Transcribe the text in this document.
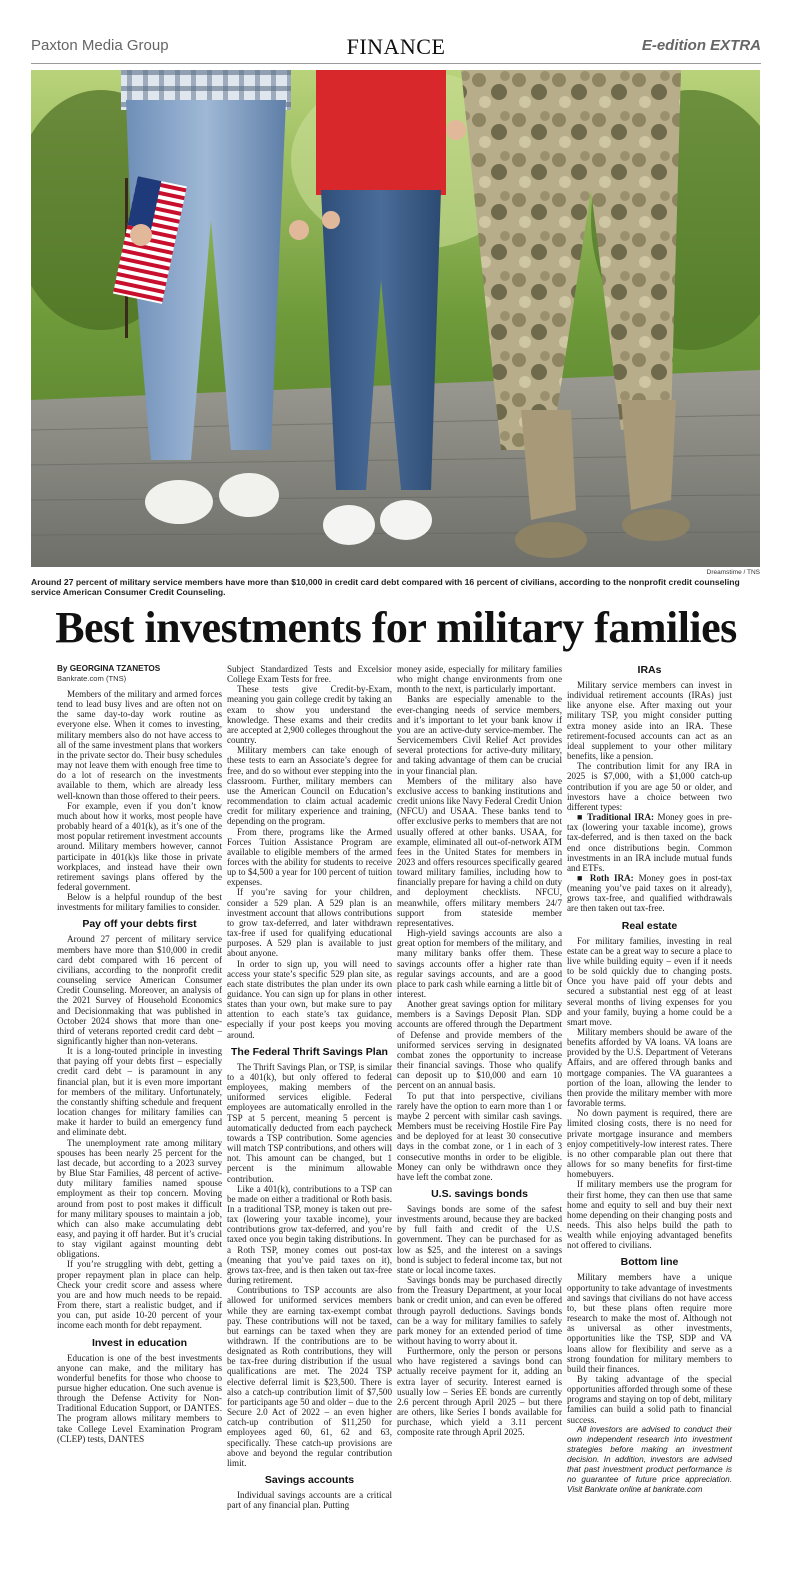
Paxton Media Group	FINANCE	E-edition EXTRA
Dreamstime / TNS
Around 27 percent of military service members have more than $10,000 in credit card debt compared with 16 percent of civilians, according to the nonprofit credit counseling service American Consumer Credit Counseling.
Best investments for military families

By GEORGINA TZANETOS

Bankrate.com (TNS)

Members of the military and armed forces tend to lead busy lives and are often not on the same day-to-day work routine as everyone else. When it comes to investing, military members also do not have access to all of the same investment plans that workers in the private sector do. Their busy schedules may not leave them with enough free time to do a lot of research on the investments available to them, which are already less well-known than those offered to their peers.

For example, even if you don’t know much about how it works, most people have probably heard of a 401(k), as it’s one of the most popular retirement investment accounts around. Military members however, cannot participate in 401(k)s like those in private workplaces, and instead have their own retirement savings plans offered by the federal government.

Below is a helpful roundup of the best investments for military families to consider.

Pay off your debts first

Around 27 percent of military service members have more than $10,000 in credit card debt compared with 16 percent of civilians, according to the nonprofit credit counseling service American Consumer Credit Counseling. Moreover, an analysis of the 2021 Survey of Household Economics and Decisionmaking that was published in October 2024 shows that more than one-third of veterans reported credit card debt – significantly higher than non-veterans.

It is a long-touted principle in investing that paying off your debts first – especially credit card debt – is paramount in any financial plan, but it is even more important for members of the military. Unfortunately, the constantly shifting schedule and frequent location changes for military families can make it harder to build an emergency fund and eliminate debt.

The unemployment rate among military spouses has been nearly 25 percent for the last decade, but according to a 2023 survey by Blue Star Families, 48 percent of active-duty military families named spouse employment as their top concern. Moving around from post to post makes it difficult for many military spouses to maintain a job, which can also make accumulating debt easy, and paying it off harder. But it’s crucial to stay vigilant against mounting debt obligations.

If you’re struggling with debt, getting a proper repayment plan in place can help. Check your credit score and assess where you are and how much needs to be repaid. From there, start a realistic budget, and if you can, put aside 10-20 percent of your income each month for debt repayment.

Invest in education

Education is one of the best investments anyone can make, and the military has wonderful benefits for those who choose to pursue higher education. One such avenue is through the Defense Activity for Non-Traditional Education Support, or DANTES. The program allows military members to take College Level Examination Program (CLEP) tests, DANTES

Subject Standardized Tests and Excelsior College Exam Tests for free.

These tests give Credit-by-Exam, meaning you gain college credit by taking an exam to show you understand the knowledge. These exams and their credits are accepted at 2,900 colleges throughout the country.

Military members can take enough of these tests to earn an Associate’s degree for free, and do so without ever stepping into the classroom. Further, military members can use the American Council on Education’s recommendation to claim actual academic credit for military experience and training, depending on the program.

From there, programs like the Armed Forces Tuition Assistance Program are available to eligible members of the armed forces with the ability for students to receive up to $4,500 a year for 100 percent of tuition expenses.

If you’re saving for your children, consider a 529 plan. A 529 plan is an investment account that allows contributions to grow tax-deferred, and later withdrawn tax-free if used for qualifying educational purposes. A 529 plan is available to just about anyone.

In order to sign up, you will need to access your state’s specific 529 plan site, as each state distributes the plan under its own guidance. You can sign up for plans in other states than your own, but make sure to pay attention to each state’s tax guidance, especially if your post keeps you moving around.

The Federal Thrift Savings Plan

The Thrift Savings Plan, or TSP, is similar to a 401(k), but only offered to federal employees, making members of the uniformed services eligible. Federal employees are automatically enrolled in the TSP at 5 percent, meaning 5 percent is automatically deducted from each paycheck towards a TSP contribution. Some agencies will match TSP contributions, and others will not. This amount can be changed, but 1 percent is the minimum allowable contribution.

Like a 401(k), contributions to a TSP can be made on either a traditional or Roth basis. In a traditional TSP, money is taken out pre-tax (lowering your taxable income), your contributions grow tax-deferred, and you’re taxed once you begin taking distributions. In a Roth TSP, money comes out post-tax (meaning that you’ve paid taxes on it), grows tax-free, and is then taken out tax-free during retirement.

Contributions to TSP accounts are also allowed for uniformed services members while they are earning tax-exempt combat pay. These contributions will not be taxed, but earnings can be taxed when they are withdrawn. If the contributions are to be designated as Roth contributions, they will be tax-free during distribution if the usual qualifications are met. The 2024 TSP elective deferral limit is $23,500. There is also a catch-up contribution limit of $7,500 for participants age 50 and older – due to the Secure 2.0 Act of 2022 – an even higher catch-up contribution of $11,250 for employees aged 60, 61, 62 and 63, specifically. These catch-up provisions are above and beyond the regular contribution limit.

Savings accounts

Individual savings accounts are a critical part of any financial plan. Putting

money aside, especially for military families who might change environments from one month to the next, is particularly important.

Banks are especially amenable to the ever-changing needs of service members, and it’s important to let your bank know if you are an active-duty service-member. The Servicemembers Civil Relief Act provides several protections for active-duty military, and taking advantage of them can be crucial in your financial plan.

Members of the military also have exclusive access to banking institutions and credit unions like Navy Federal Credit Union (NFCU) and USAA. These banks tend to offer exclusive perks to members that are not usually offered at other banks. USAA, for example, eliminated all out-of-network ATM fees in the United States for members in 2023 and offers resources specifically geared toward military families, including how to financially prepare for having a child on duty and deployment checklists. NFCU, meanwhile, offers military members 24/7 support from stateside member representatives.

High-yield savings accounts are also a great option for members of the military, and many military banks offer them. These savings accounts offer a higher rate than regular savings accounts, and are a good place to park cash while earning a little bit of interest.

Another great savings option for military members is a Savings Deposit Plan. SDP accounts are offered through the Department of Defense and provide members of the uniformed services serving in designated combat zones the opportunity to increase their financial savings. Those who qualify can deposit up to $10,000 and earn 10 percent on an annual basis.

To put that into perspective, civilians rarely have the option to earn more than 1 or maybe 2 percent with similar cash savings. Members must be receiving Hostile Fire Pay and be deployed for at least 30 consecutive days in the combat zone, or 1 in each of 3 consecutive months in order to be eligible. Money can only be withdrawn once they have left the combat zone.

U.S. savings bonds

Savings bonds are some of the safest investments around, because they are backed by full faith and credit of the U.S. government. They can be purchased for as low as $25, and the interest on a savings bond is subject to federal income tax, but not state or local income taxes.

Savings bonds may be purchased directly from the Treasury Department, at your local bank or credit union, and can even be offered through payroll deductions. Savings bonds can be a way for military families to safely park money for an extended period of time without having to worry about it.

Furthermore, only the person or persons who have registered a savings bond can actually receive payment for it, adding an extra layer of security. Interest earned is usually low – Series EE bonds are currently 2.6 percent through April 2025 – but there are others, like Series I bonds available for purchase, which yield a 3.11 percent composite rate through April 2025.

IRAs

Military service members can invest in individual retirement accounts (IRAs) just like anyone else. After maxing out your military TSP, you might consider putting extra money aside into an IRA. These retirement-focused accounts can act as an ideal supplement to your other military benefits, like a pension.

The contribution limit for any IRA in 2025 is $7,000, with a $1,000 catch-up contribution if you are age 50 or older, and investors have a choice between two different types:

■ Traditional IRA: Money goes in pre-tax (lowering your taxable income), grows tax-deferred, and is then taxed on the back end once distributions begin. Common investments in an IRA include mutual funds and ETFs.

■ Roth IRA: Money goes in post-tax (meaning you’ve paid taxes on it already), grows tax-free, and qualified withdrawals are then taken out tax-free.

Real estate

For military families, investing in real estate can be a great way to secure a place to live while building equity – even if it needs to be sold quickly due to changing posts. Once you have paid off your debts and secured a substantial nest egg of at least several months of living expenses for you and your family, buying a home could be a smart move.

Military members should be aware of the benefits afforded by VA loans. VA loans are provided by the U.S. Department of Veterans Affairs, and are offered through banks and mortgage companies. The VA guarantees a portion of the loan, allowing the lender to then provide the military member with more favorable terms.

No down payment is required, there are limited closing costs, there is no need for private mortgage insurance and members enjoy competitively-low interest rates. There is no other comparable plan out there that allows for so many benefits for first-time homebuyers.

If military members use the program for their first home, they can then use that same home and equity to sell and buy their next home depending on their changing posts and needs. This also helps build the path to wealth while enjoying advantaged benefits not offered to civilians.

Bottom line

Military members have a unique opportunity to take advantage of investments and savings that civilians do not have access to, but these plans often require more research to make the most of. Although not as universal as other investments, opportunities like the TSP, SDP and VA loans allow for flexibility and serve as a strong foundation for military members to build their finances.

By taking advantage of the special opportunities afforded through some of these programs and staying on top of debt, military families can build a solid path to financial success.

All investors are advised to conduct their own independent research into investment strategies before making an investment decision. In addition, investors are advised that past investment product performance is no guarantee of future price appreciation. Visit Bankrate online at bankrate.com
